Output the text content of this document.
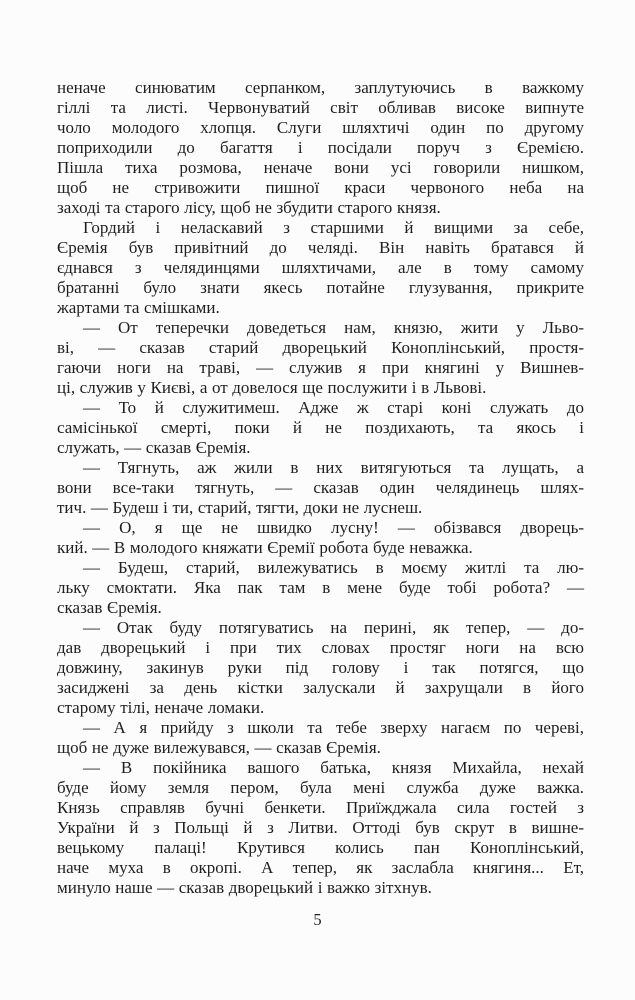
неначе синюватим серпанком, заплутуючись в важкому
гіллі та листі. Червонуватий світ обливав високе випнуте
чоло молодого хлопця. Слуги шляхтичі один по другому
поприходили до багаття і посідали поруч з Єремією.
Пішла тиха розмова, неначе вони усі говорили нишком,
щоб не стривожити пишної краси червоного неба на
заході та старого лісу, щоб не збудити старого князя.

Гордий і неласкавий з старшими й вищими за себе,
Єремія був привітний до челяді. Він навіть братався й
єднався з челядинцями шляхтичами, але в тому самому
братанні було знати якесь потайне глузування, прикрите
жартами та смішками.

— От теперечки доведеться нам, князю, жити у Льво-
ві, — сказав старий дворецький Коноплінський, простя-
гаючи ноги на траві, — служив я при княгині у Вишнев-
ці, служив у Києві, а от довелося ще послужити і в Львові.

— То й служитимеш. Адже ж старі коні служать до
самісінької смерті, поки й не поздихають, та якось і
служать, — сказав Єремія.

— Тягнуть, аж жили в них витягуються та лущать, а
вони все-таки тягнуть, — сказав один челядинець шлях-
тич. — Будеш і ти, старий, тягти, доки не луснеш.

— О, я ще не швидко лусну! — обізвався дворець-
кий. — В молодого княжати Єремії робота буде неважка.

— Будеш, старий, вилежуватись в моєму житлі та лю-
льку смоктати. Яка пак там в мене буде тобі робота? —
сказав Єремія.

— Отак буду потягуватись на перині, як тепер, — до-
дав дворецький і при тих словах простяг ноги на всю
довжину, закинув руки під голову і так потягся, що
засиджені за день кістки залускали й захрущали в його
старому тілі, неначе ломаки.

— А я прийду з школи та тебе зверху нагаєм по череві,
щоб не дуже вилежувався, — сказав Єремія.

— В покійника вашого батька, князя Михайла, нехай
буде йому земля пером, була мені служба дуже важка.
Князь справляв бучні бенкети. Приїжджала сила гостей з
України й з Польщі й з Литви. Оттоді був скрут в вишне-
вецькому палаці! Крутився колись пан Коноплінський,
наче муха в окропі. А тепер, як заслабла княгиня... Ет,
минуло наше — сказав дворецький і важко зітхнув.

5
